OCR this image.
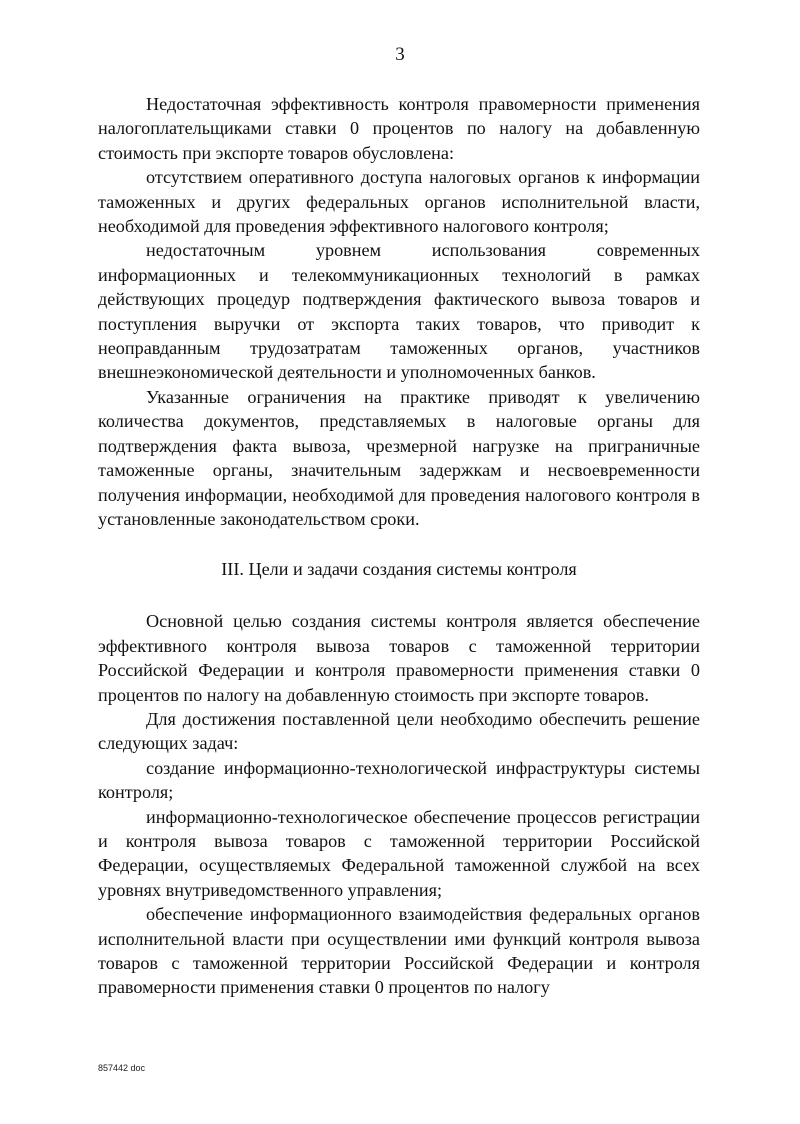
3

Недостаточная эффективность контроля правомерности применения налогоплательщиками ставки 0 процентов по налогу на добавленную стоимость при экспорте товаров обусловлена:

отсутствием оперативного доступа налоговых органов к информации таможенных и других федеральных органов исполнительной власти, необходимой для проведения эффективного налогового контроля;

недостаточным уровнем использования современных информационных и телекоммуникационных технологий в рамках действующих процедур подтверждения фактического вывоза товаров и поступления выручки от экспорта таких товаров, что приводит к неоправданным трудозатратам таможенных органов, участников внешнеэкономической деятельности и уполномоченных банков.

Указанные ограничения на практике приводят к увеличению количества документов, представляемых в налоговые органы для подтверждения факта вывоза, чрезмерной нагрузке на приграничные таможенные органы, значительным задержкам и несвоевременности получения информации, необходимой для проведения налогового контроля в установленные законодательством сроки.

III. Цели и задачи создания системы контроля

Основной целью создания системы контроля является обеспечение эффективного контроля вывоза товаров с таможенной территории Российской Федерации и контроля правомерности применения ставки 0 процентов по налогу на добавленную стоимость при экспорте товаров.

Для достижения поставленной цели необходимо обеспечить решение следующих задач:

создание информационно-технологической инфраструктуры системы контроля;

информационно-технологическое обеспечение процессов регистрации и контроля вывоза товаров с таможенной территории Российской Федерации, осуществляемых Федеральной таможенной службой на всех уровнях внутриведомственного управления;

обеспечение информационного взаимодействия федеральных органов исполнительной власти при осуществлении ими функций контроля вывоза товаров с таможенной территории Российской Федерации и контроля правомерности применения ставки 0 процентов по налогу

857442 doc
